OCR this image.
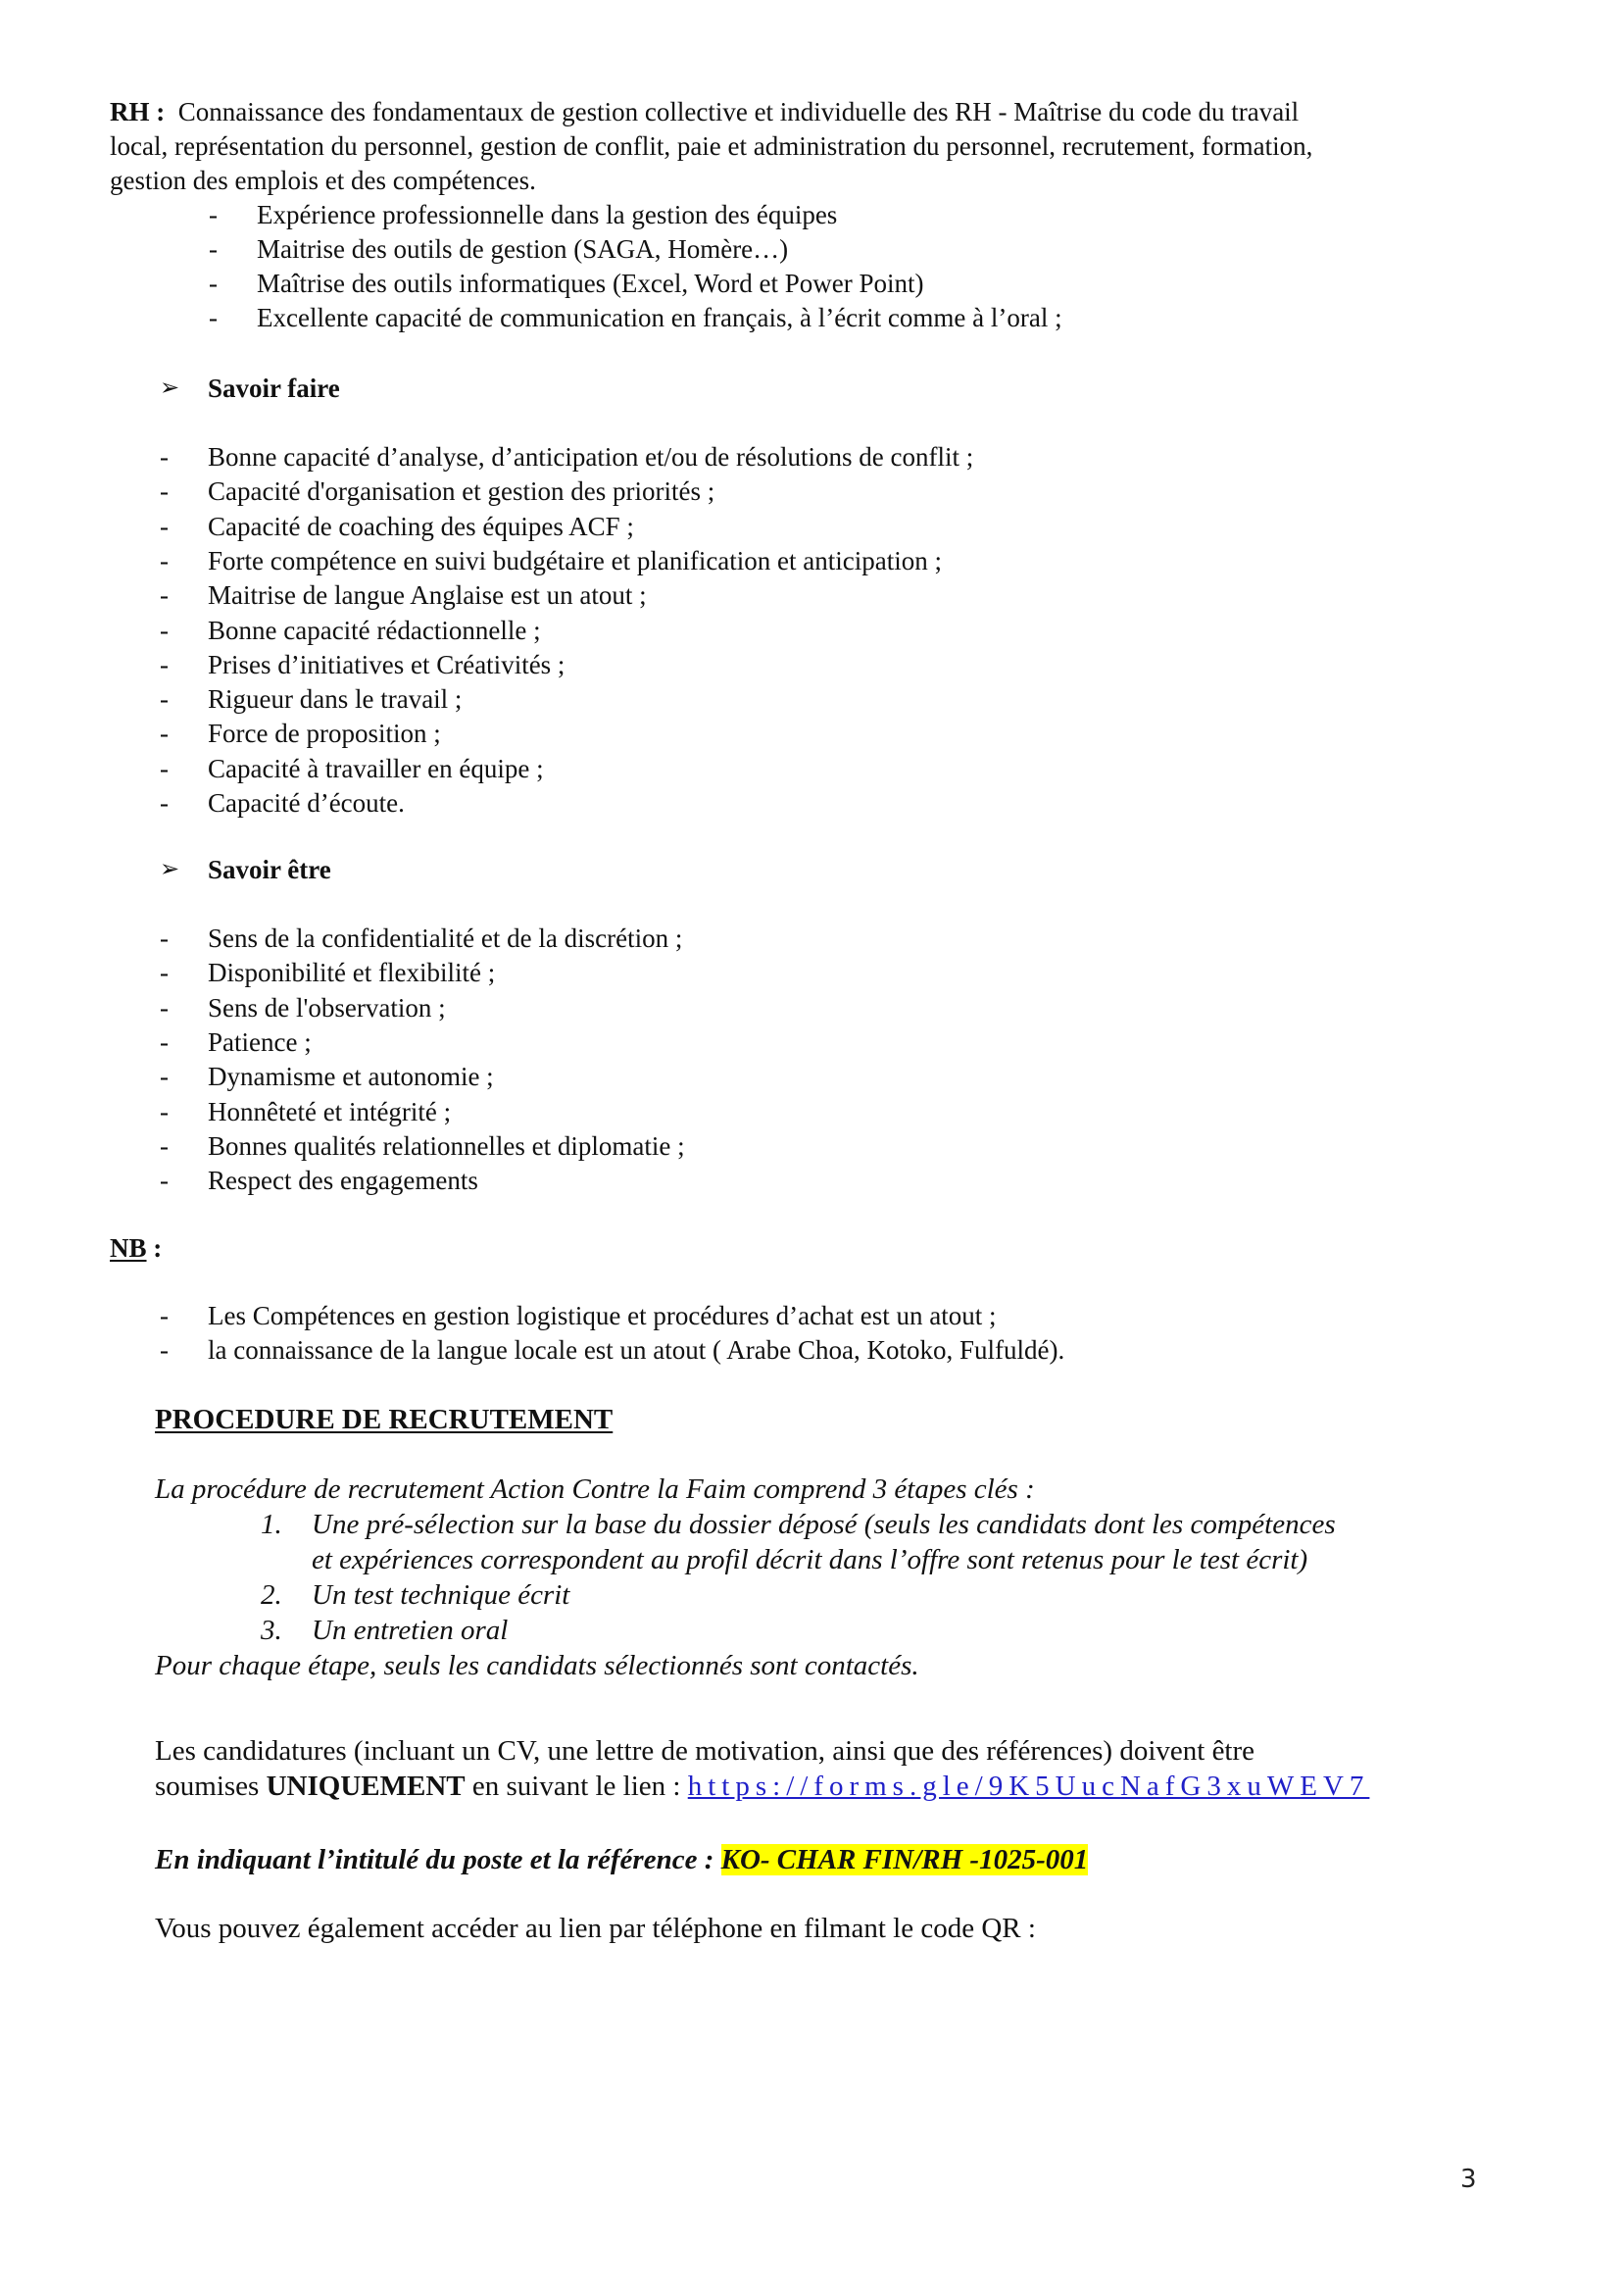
RH : Connaissance des fondamentaux de gestion collective et individuelle des RH - Maîtrise du code du travail
local, représentation du personnel, gestion de conflit, paie et administration du personnel, recrutement, formation,
gestion des emplois et des compétences.
- Expérience professionnelle dans la gestion des équipes
- Maitrise des outils de gestion (SAGA, Homère…)
- Maîtrise des outils informatiques (Excel, Word et Power Point)
- Excellente capacité de communication en français, à l’écrit comme à l’oral ;
➢ Savoir faire
- Bonne capacité d’analyse, d’anticipation et/ou de résolutions de conflit ;
- Capacité d'organisation et gestion des priorités ;
- Capacité de coaching des équipes ACF ;
- Forte compétence en suivi budgétaire et planification et anticipation ;
- Maitrise de langue Anglaise est un atout ;
- Bonne capacité rédactionnelle ;
- Prises d’initiatives et Créativités ;
- Rigueur dans le travail ;
- Force de proposition ;
- Capacité à travailler en équipe ;
- Capacité d’écoute.
➢ Savoir être
- Sens de la confidentialité et de la discrétion ;
- Disponibilité et flexibilité ;
- Sens de l'observation ;
- Patience ;
- Dynamisme et autonomie ;
- Honnêteté et intégrité ;
- Bonnes qualités relationnelles et diplomatie ;
- Respect des engagements
NB :
- Les Compétences en gestion logistique et procédures d’achat est un atout ;
- la connaissance de la langue locale est un atout ( Arabe Choa, Kotoko, Fulfuldé).
PROCEDURE DE RECRUTEMENT
La procédure de recrutement Action Contre la Faim comprend 3 étapes clés :
1. Une pré-sélection sur la base du dossier déposé (seuls les candidats dont les compétences
et expériences correspondent au profil décrit dans l’offre sont retenus pour le test écrit)
2. Un test technique écrit
3. Un entretien oral
Pour chaque étape, seuls les candidats sélectionnés sont contactés.
Les candidatures (incluant un CV, une lettre de motivation, ainsi que des références) doivent être
soumises UNIQUEMENT en suivant le lien : https://forms.gle/9K5UucNafG3xuWEV7
En indiquant l’intitulé du poste et la référence : KO- CHAR FIN/RH -1025-001
Vous pouvez également accéder au lien par téléphone en filmant le code QR :
3
